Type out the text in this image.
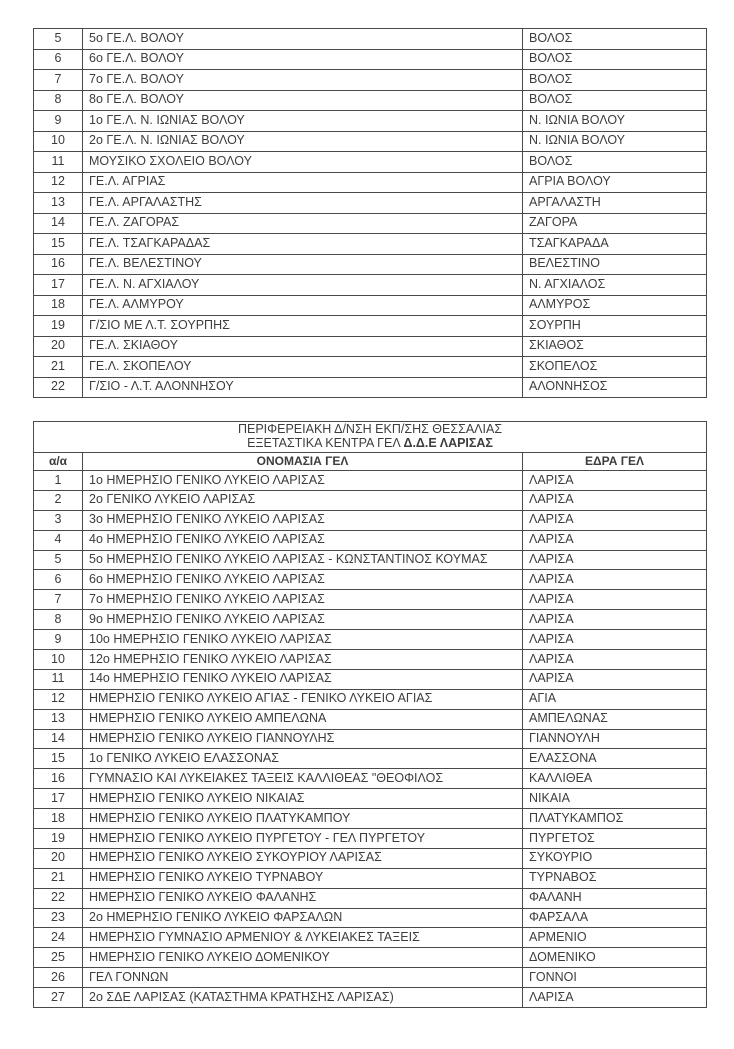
5	5ο ΓΕ.Λ. ΒΟΛΟΥ	ΒΟΛΟΣ
6	6ο ΓΕ.Λ. ΒΟΛΟΥ	ΒΟΛΟΣ
7	7ο ΓΕ.Λ. ΒΟΛΟΥ	ΒΟΛΟΣ
8	8ο ΓΕ.Λ. ΒΟΛΟΥ	ΒΟΛΟΣ
9	1ο ΓΕ.Λ. Ν. ΙΩΝΙΑΣ ΒΟΛΟΥ	Ν. ΙΩΝΙΑ ΒΟΛΟΥ
10	2ο ΓΕ.Λ. Ν. ΙΩΝΙΑΣ ΒΟΛΟΥ	Ν. ΙΩΝΙΑ ΒΟΛΟΥ
11	ΜΟΥΣΙΚΟ ΣΧΟΛΕΙΟ ΒΟΛΟΥ	ΒΟΛΟΣ
12	ΓΕ.Λ. ΑΓΡΙΑΣ	ΑΓΡΙΑ ΒΟΛΟΥ
13	ΓΕ.Λ. ΑΡΓΑΛΑΣΤΗΣ	ΑΡΓΑΛΑΣΤΗ
14	ΓΕ.Λ. ΖΑΓΟΡΑΣ	ΖΑΓΟΡΑ
15	ΓΕ.Λ. ΤΣΑΓΚΑΡΑΔΑΣ	ΤΣΑΓΚΑΡΑΔΑ
16	ΓΕ.Λ. ΒΕΛΕΣΤΙΝΟΥ	ΒΕΛΕΣΤΙΝΟ
17	ΓΕ.Λ. Ν. ΑΓΧΙΑΛΟΥ	Ν. ΑΓΧΙΑΛΟΣ
18	ΓΕ.Λ. ΑΛΜΥΡΟΥ	ΑΛΜΥΡΟΣ
19	Γ/ΣΙΟ ΜΕ Λ.Τ. ΣΟΥΡΠΗΣ	ΣΟΥΡΠΗ
20	ΓΕ.Λ. ΣΚΙΑΘΟΥ	ΣΚΙΑΘΟΣ
21	ΓΕ.Λ. ΣΚΟΠΕΛΟΥ	ΣΚΟΠΕΛΟΣ
22	Γ/ΣΙΟ - Λ.Τ. ΑΛΟΝΝΗΣΟΥ	ΑΛΟΝΝΗΣΟΣ
ΠΕΡΙΦΕΡΕΙΑΚΗ Δ/ΝΣΗ ΕΚΠ/ΣΗΣ ΘΕΣΣΑΛΙΑΣ
ΕΞΕΤΑΣΤΙΚΑ ΚΕΝΤΡΑ ΓΕΛ Δ.Δ.Ε ΛΑΡΙΣΑΣ		

α/α	ΟΝΟΜΑΣΙΑ ΓΕΛ	ΕΔΡΑ ΓΕΛ
1	1ο ΗΜΕΡΗΣΙΟ ΓΕΝΙΚΟ ΛΥΚΕΙΟ ΛΑΡΙΣΑΣ	ΛΑΡΙΣΑ
2	2ο ΓΕΝΙΚΟ ΛΥΚΕΙΟ ΛΑΡΙΣΑΣ	ΛΑΡΙΣΑ
3	3ο ΗΜΕΡΗΣΙΟ ΓΕΝΙΚΟ ΛΥΚΕΙΟ ΛΑΡΙΣΑΣ	ΛΑΡΙΣΑ
4	4ο ΗΜΕΡΗΣΙΟ ΓΕΝΙΚΟ ΛΥΚΕΙΟ ΛΑΡΙΣΑΣ	ΛΑΡΙΣΑ
5	5ο ΗΜΕΡΗΣΙΟ ΓΕΝΙΚΟ ΛΥΚΕΙΟ ΛΑΡΙΣΑΣ - ΚΩΝΣΤΑΝΤΙΝΟΣ ΚΟΥΜΑΣ	ΛΑΡΙΣΑ
6	6ο ΗΜΕΡΗΣΙΟ ΓΕΝΙΚΟ ΛΥΚΕΙΟ ΛΑΡΙΣΑΣ	ΛΑΡΙΣΑ
7	7ο ΗΜΕΡΗΣΙΟ ΓΕΝΙΚΟ ΛΥΚΕΙΟ ΛΑΡΙΣΑΣ	ΛΑΡΙΣΑ
8	9ο ΗΜΕΡΗΣΙΟ ΓΕΝΙΚΟ ΛΥΚΕΙΟ ΛΑΡΙΣΑΣ	ΛΑΡΙΣΑ
9	10ο ΗΜΕΡΗΣΙΟ ΓΕΝΙΚΟ ΛΥΚΕΙΟ ΛΑΡΙΣΑΣ	ΛΑΡΙΣΑ
10	12ο ΗΜΕΡΗΣΙΟ ΓΕΝΙΚΟ ΛΥΚΕΙΟ ΛΑΡΙΣΑΣ	ΛΑΡΙΣΑ
11	14ο ΗΜΕΡΗΣΙΟ ΓΕΝΙΚΟ ΛΥΚΕΙΟ ΛΑΡΙΣΑΣ	ΛΑΡΙΣΑ
12	ΗΜΕΡΗΣΙΟ ΓΕΝΙΚΟ ΛΥΚΕΙΟ ΑΓΙΑΣ - ΓΕΝΙΚΟ ΛΥΚΕΙΟ ΑΓΙΑΣ	ΑΓΙΑ
13	ΗΜΕΡΗΣΙΟ ΓΕΝΙΚΟ ΛΥΚΕΙΟ ΑΜΠΕΛΩΝΑ	ΑΜΠΕΛΩΝΑΣ
14	ΗΜΕΡΗΣΙΟ ΓΕΝΙΚΟ ΛΥΚΕΙΟ ΓΙΑΝΝΟΥΛΗΣ	ΓΙΑΝΝΟΥΛΗ
15	1ο ΓΕΝΙΚΟ ΛΥΚΕΙΟ ΕΛΑΣΣΟΝΑΣ	ΕΛΑΣΣΟΝΑ
16	ΓΥΜΝΑΣΙΟ ΚΑΙ ΛΥΚΕΙΑΚΕΣ ΤΑΞΕΙΣ ΚΑΛΛΙΘΕΑΣ "ΘΕΟΦΙΛΟΣ	ΚΑΛΛΙΘΕΑ
17	ΗΜΕΡΗΣΙΟ ΓΕΝΙΚΟ ΛΥΚΕΙΟ ΝΙΚΑΙΑΣ	ΝΙΚΑΙΑ
18	ΗΜΕΡΗΣΙΟ ΓΕΝΙΚΟ ΛΥΚΕΙΟ ΠΛΑΤΥΚΑΜΠΟΥ	ΠΛΑΤΥΚΑΜΠΟΣ
19	ΗΜΕΡΗΣΙΟ ΓΕΝΙΚΟ ΛΥΚΕΙΟ ΠΥΡΓΕΤΟΥ - ΓΕΛ ΠΥΡΓΕΤΟΥ	ΠΥΡΓΕΤΟΣ
20	ΗΜΕΡΗΣΙΟ ΓΕΝΙΚΟ ΛΥΚΕΙΟ ΣΥΚΟΥΡΙΟΥ ΛΑΡΙΣΑΣ	ΣΥΚΟΥΡΙΟ
21	ΗΜΕΡΗΣΙΟ ΓΕΝΙΚΟ ΛΥΚΕΙΟ ΤΥΡΝΑΒΟΥ	ΤΥΡΝΑΒΟΣ
22	ΗΜΕΡΗΣΙΟ ΓΕΝΙΚΟ ΛΥΚΕΙΟ ΦΑΛΑΝΗΣ	ΦΑΛΑΝΗ
23	2ο ΗΜΕΡΗΣΙΟ ΓΕΝΙΚΟ ΛΥΚΕΙΟ ΦΑΡΣΑΛΩΝ	ΦΑΡΣΑΛΑ
24	ΗΜΕΡΗΣΙΟ ΓΥΜΝΑΣΙΟ ΑΡΜΕΝΙΟΥ & ΛΥΚΕΙΑΚΕΣ ΤΑΞΕΙΣ	ΑΡΜΕΝΙΟ
25	ΗΜΕΡΗΣΙΟ ΓΕΝΙΚΟ ΛΥΚΕΙΟ ΔΟΜΕΝΙΚΟΥ	ΔΟΜΕΝΙΚΟ
26	ΓΕΛ ΓΟΝΝΩΝ	ΓΟΝΝΟΙ
27	2ο ΣΔΕ ΛΑΡΙΣΑΣ (ΚΑΤΑΣΤΗΜΑ ΚΡΑΤΗΣΗΣ ΛΑΡΙΣΑΣ)	ΛΑΡΙΣΑ
